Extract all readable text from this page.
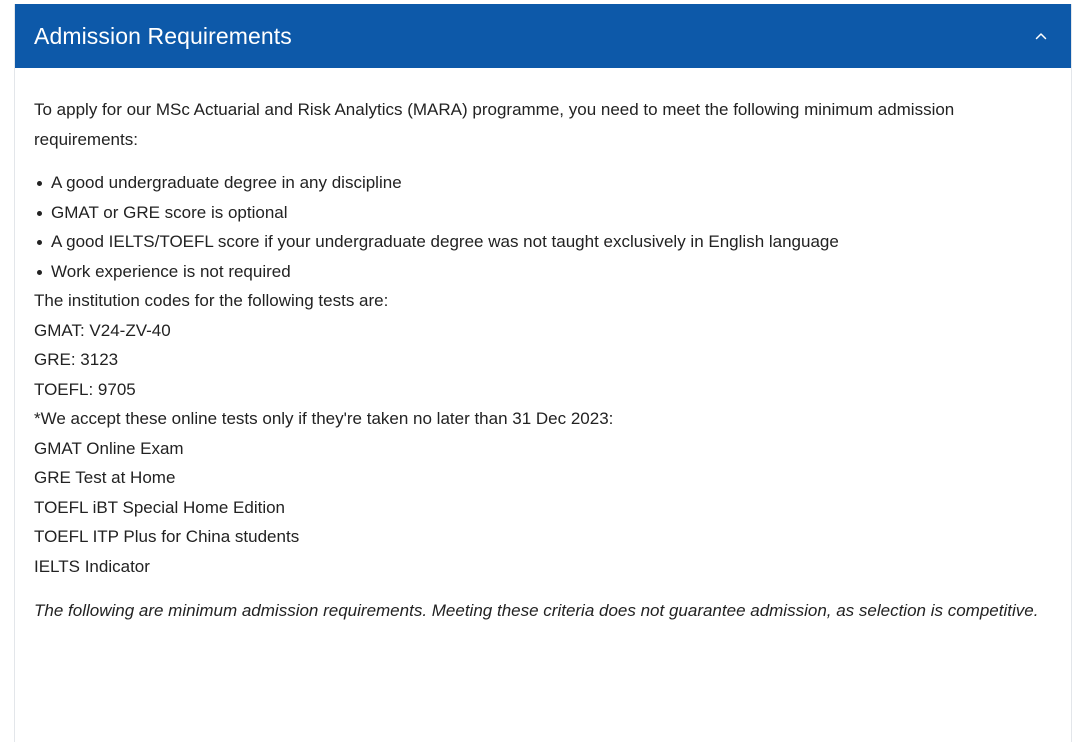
Admission Requirements

To apply for our MSc Actuarial and Risk Analytics (MARA) programme, you need to meet the following minimum admission requirements:

A good undergraduate degree in any discipline
GMAT or GRE score is optional
A good IELTS/TOEFL score if your undergraduate degree was not taught exclusively in English language
Work experience is not required

The institution codes for the following tests are:
GMAT: V24-ZV-40
GRE: 3123
TOEFL: 9705

*We accept these online tests only if they're taken no later than 31 Dec 2023:
GMAT Online Exam
GRE Test at Home
TOEFL iBT Special Home Edition
TOEFL ITP Plus for China students
IELTS Indicator

The following are minimum admission requirements. Meeting these criteria does not guarantee admission, as selection is competitive.
